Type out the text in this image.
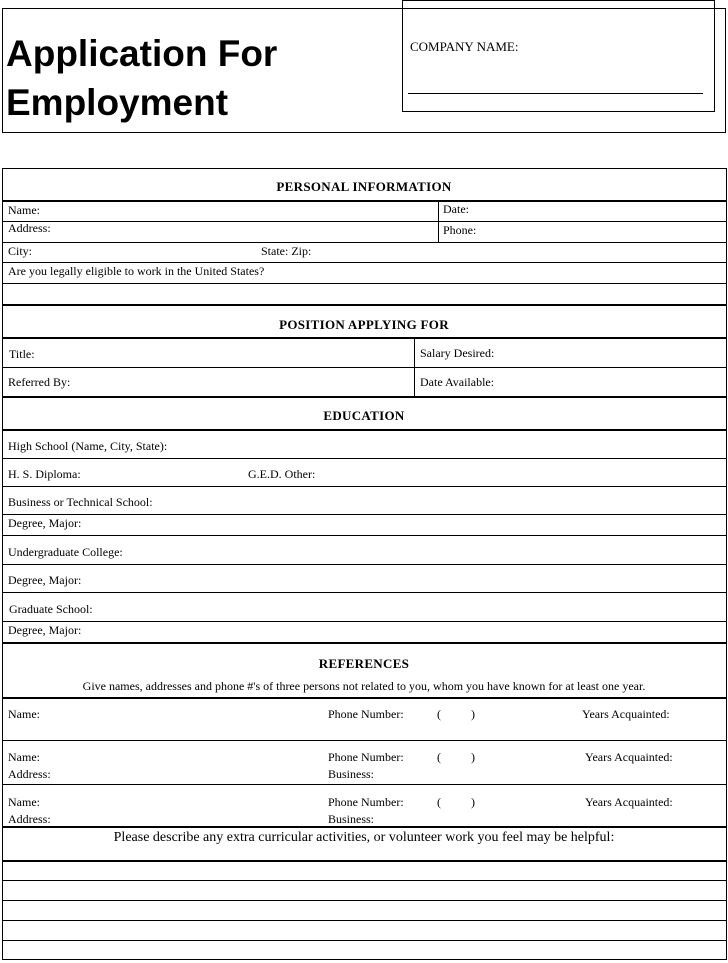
Application For
Employment
COMPANY NAME:
PERSONAL INFORMATION
Name:	Date:
Address:	Phone:
City:	State: Zip:
Are you legally eligible to work in the United States?
POSITION APPLYING FOR
Title:	Salary Desired:
Referred By:	Date Available:
EDUCATION
High School (Name, City, State):
H. S. Diploma:	G.E.D. Other:
Business or Technical School:
Degree, Major:
Undergraduate College:
Degree, Major:
Graduate School:
Degree, Major:
REFERENCES
Give names, addresses and phone #'s of three persons not related to you, whom you have known for at least one year.
Name:	Phone Number:	(	)	Years Acquainted:
Name:	Phone Number:	(	)	Years Acquainted:
Address:	Business:
Name:	Phone Number:	(	)	Years Acquainted:
Address:	Business:
Please describe any extra curricular activities, or volunteer work you feel may be helpful:
